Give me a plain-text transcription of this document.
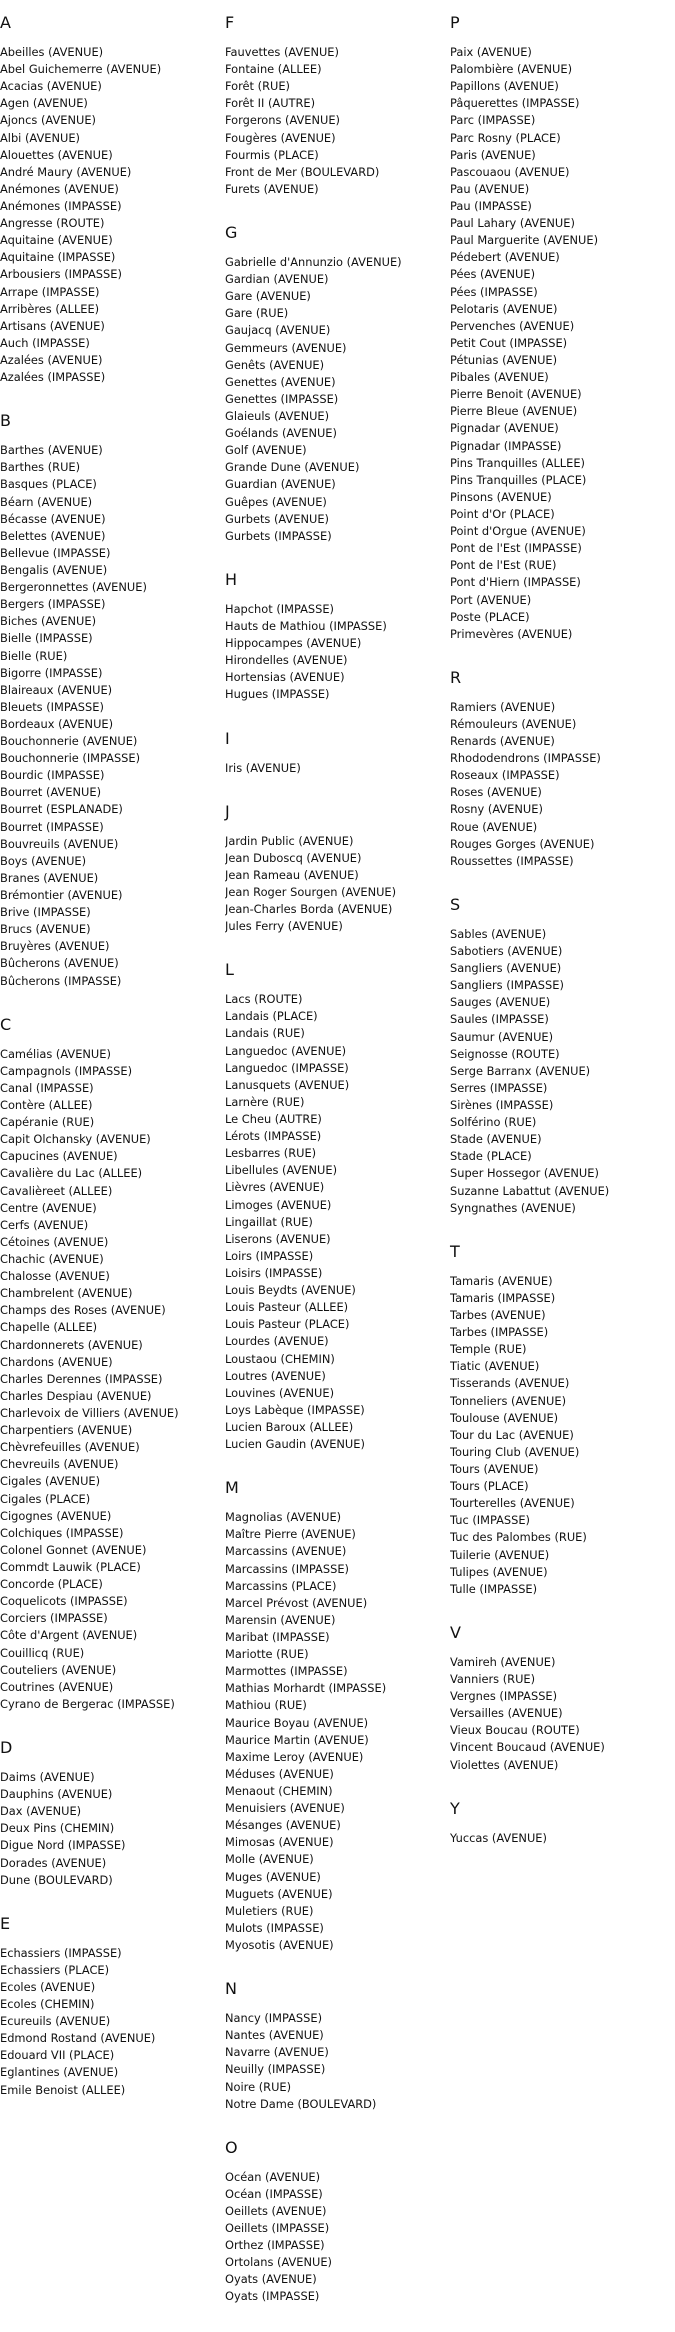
A
Abeilles (AVENUE)
Abel Guichemerre (AVENUE)
Acacias (AVENUE)
Agen (AVENUE)
Ajoncs (AVENUE)
Albi (AVENUE)
Alouettes (AVENUE)
André Maury (AVENUE)
Anémones (AVENUE)
Anémones (IMPASSE)
Angresse (ROUTE)
Aquitaine (AVENUE)
Aquitaine (IMPASSE)
Arbousiers (IMPASSE)
Arrape (IMPASSE)
Arribères (ALLEE)
Artisans (AVENUE)
Auch (IMPASSE)
Azalées (AVENUE)
Azalées (IMPASSE)
B
Barthes (AVENUE)
Barthes (RUE)
Basques (PLACE)
Béarn (AVENUE)
Bécasse (AVENUE)
Belettes (AVENUE)
Bellevue (IMPASSE)
Bengalis (AVENUE)
Bergeronnettes (AVENUE)
Bergers (IMPASSE)
Biches (AVENUE)
Bielle (IMPASSE)
Bielle (RUE)
Bigorre (IMPASSE)
Blaireaux (AVENUE)
Bleuets (IMPASSE)
Bordeaux (AVENUE)
Bouchonnerie (AVENUE)
Bouchonnerie (IMPASSE)
Bourdic (IMPASSE)
Bourret (AVENUE)
Bourret (ESPLANADE)
Bourret (IMPASSE)
Bouvreuils (AVENUE)
Boys (AVENUE)
Branes (AVENUE)
Brémontier (AVENUE)
Brive (IMPASSE)
Brucs (AVENUE)
Bruyères (AVENUE)
Bûcherons (AVENUE)
Bûcherons (IMPASSE)
C
Camélias (AVENUE)
Campagnols (IMPASSE)
Canal (IMPASSE)
Contère (ALLEE)
Capéranie (RUE)
Capit Olchansky (AVENUE)
Capucines (AVENUE)
Cavalière du Lac (ALLEE)
Cavalièreet (ALLEE)
Centre (AVENUE)
Cerfs (AVENUE)
Cétoines (AVENUE)
Chachic (AVENUE)
Chalosse (AVENUE)
Chambrelent (AVENUE)
Champs des Roses (AVENUE)
Chapelle (ALLEE)
Chardonnerets (AVENUE)
Chardons (AVENUE)
Charles Derennes (IMPASSE)
Charles Despiau (AVENUE)
Charlevoix de Villiers (AVENUE)
Charpentiers (AVENUE)
Chèvrefeuilles (AVENUE)
Chevreuils (AVENUE)
Cigales (AVENUE)
Cigales (PLACE)
Cigognes (AVENUE)
Colchiques (IMPASSE)
Colonel Gonnet (AVENUE)
Commdt Lauwik (PLACE)
Concorde (PLACE)
Coquelicots (IMPASSE)
Corciers (IMPASSE)
Côte d'Argent (AVENUE)
Couillicq (RUE)
Couteliers (AVENUE)
Coutrines (AVENUE)
Cyrano de Bergerac (IMPASSE)
D
Daims (AVENUE)
Dauphins (AVENUE)
Dax (AVENUE)
Deux Pins (CHEMIN)
Digue Nord (IMPASSE)
Dorades (AVENUE)
Dune (BOULEVARD)
E
Echassiers (IMPASSE)
Echassiers (PLACE)
Ecoles (AVENUE)
Ecoles (CHEMIN)
Ecureuils (AVENUE)
Edmond Rostand (AVENUE)
Edouard VII (PLACE)
Eglantines (AVENUE)
Emile Benoist (ALLEE)
F
Fauvettes (AVENUE)
Fontaine (ALLEE)
Forêt (RUE)
Forêt II (AUTRE)
Forgerons (AVENUE)
Fougères (AVENUE)
Fourmis (PLACE)
Front de Mer (BOULEVARD)
Furets (AVENUE)
G
Gabrielle d'Annunzio (AVENUE)
Gardian (AVENUE)
Gare (AVENUE)
Gare (RUE)
Gaujacq (AVENUE)
Gemmeurs (AVENUE)
Genêts (AVENUE)
Genettes (AVENUE)
Genettes (IMPASSE)
Glaieuls (AVENUE)
Goélands (AVENUE)
Golf (AVENUE)
Grande Dune (AVENUE)
Guardian (AVENUE)
Guêpes (AVENUE)
Gurbets (AVENUE)
Gurbets (IMPASSE)
H
Hapchot (IMPASSE)
Hauts de Mathiou (IMPASSE)
Hippocampes (AVENUE)
Hirondelles (AVENUE)
Hortensias (AVENUE)
Hugues (IMPASSE)
I
Iris (AVENUE)
J
Jardin Public (AVENUE)
Jean Duboscq (AVENUE)
Jean Rameau (AVENUE)
Jean Roger Sourgen (AVENUE)
Jean-Charles Borda (AVENUE)
Jules Ferry (AVENUE)
L
Lacs (ROUTE)
Landais (PLACE)
Landais (RUE)
Languedoc (AVENUE)
Languedoc (IMPASSE)
Lanusquets (AVENUE)
Larnère (RUE)
Le Cheu (AUTRE)
Lérots (IMPASSE)
Lesbarres (RUE)
Libellules (AVENUE)
Lièvres (AVENUE)
Limoges (AVENUE)
Lingaillat (RUE)
Liserons (AVENUE)
Loirs (IMPASSE)
Loisirs (IMPASSE)
Louis Beydts (AVENUE)
Louis Pasteur (ALLEE)
Louis Pasteur (PLACE)
Lourdes (AVENUE)
Loustaou (CHEMIN)
Loutres (AVENUE)
Louvines (AVENUE)
Loys Labèque (IMPASSE)
Lucien Baroux (ALLEE)
Lucien Gaudin (AVENUE)
M
Magnolias (AVENUE)
Maître Pierre (AVENUE)
Marcassins (AVENUE)
Marcassins (IMPASSE)
Marcassins (PLACE)
Marcel Prévost (AVENUE)
Marensin (AVENUE)
Maribat (IMPASSE)
Mariotte (RUE)
Marmottes (IMPASSE)
Mathias Morhardt (IMPASSE)
Mathiou (RUE)
Maurice Boyau (AVENUE)
Maurice Martin (AVENUE)
Maxime Leroy (AVENUE)
Méduses (AVENUE)
Menaout (CHEMIN)
Menuisiers (AVENUE)
Mésanges (AVENUE)
Mimosas (AVENUE)
Molle (AVENUE)
Muges (AVENUE)
Muguets (AVENUE)
Muletiers (RUE)
Mulots (IMPASSE)
Myosotis (AVENUE)
N
Nancy (IMPASSE)
Nantes (AVENUE)
Navarre (AVENUE)
Neuilly (IMPASSE)
Noire (RUE)
Notre Dame (BOULEVARD)
O
Océan (AVENUE)
Océan (IMPASSE)
Oeillets (AVENUE)
Oeillets (IMPASSE)
Orthez (IMPASSE)
Ortolans (AVENUE)
Oyats (AVENUE)
Oyats (IMPASSE)
P
Paix (AVENUE)
Palombière (AVENUE)
Papillons (AVENUE)
Pâquerettes (IMPASSE)
Parc (IMPASSE)
Parc Rosny (PLACE)
Paris (AVENUE)
Pascouaou (AVENUE)
Pau (AVENUE)
Pau (IMPASSE)
Paul Lahary (AVENUE)
Paul Marguerite (AVENUE)
Pédebert (AVENUE)
Pées (AVENUE)
Pées (IMPASSE)
Pelotaris (AVENUE)
Pervenches (AVENUE)
Petit Cout (IMPASSE)
Pétunias (AVENUE)
Pibales (AVENUE)
Pierre Benoit (AVENUE)
Pierre Bleue (AVENUE)
Pignadar (AVENUE)
Pignadar (IMPASSE)
Pins Tranquilles (ALLEE)
Pins Tranquilles (PLACE)
Pinsons (AVENUE)
Point d'Or (PLACE)
Point d'Orgue (AVENUE)
Pont de l'Est (IMPASSE)
Pont de l'Est (RUE)
Pont d'Hiern (IMPASSE)
Port (AVENUE)
Poste (PLACE)
Primevères (AVENUE)
R
Ramiers (AVENUE)
Rémouleurs (AVENUE)
Renards (AVENUE)
Rhododendrons (IMPASSE)
Roseaux (IMPASSE)
Roses (AVENUE)
Rosny (AVENUE)
Roue (AVENUE)
Rouges Gorges (AVENUE)
Roussettes (IMPASSE)
S
Sables (AVENUE)
Sabotiers (AVENUE)
Sangliers (AVENUE)
Sangliers (IMPASSE)
Sauges (AVENUE)
Saules (IMPASSE)
Saumur (AVENUE)
Seignosse (ROUTE)
Serge Barranx (AVENUE)
Serres (IMPASSE)
Sirènes (IMPASSE)
Solférino (RUE)
Stade (AVENUE)
Stade (PLACE)
Super Hossegor (AVENUE)
Suzanne Labattut (AVENUE)
Syngnathes (AVENUE)
T
Tamaris (AVENUE)
Tamaris (IMPASSE)
Tarbes (AVENUE)
Tarbes (IMPASSE)
Temple (RUE)
Tiatic (AVENUE)
Tisserands (AVENUE)
Tonneliers (AVENUE)
Toulouse (AVENUE)
Tour du Lac (AVENUE)
Touring Club (AVENUE)
Tours (AVENUE)
Tours (PLACE)
Tourterelles (AVENUE)
Tuc (IMPASSE)
Tuc des Palombes (RUE)
Tuilerie (AVENUE)
Tulipes (AVENUE)
Tulle (IMPASSE)
V
Vamireh (AVENUE)
Vanniers (RUE)
Vergnes (IMPASSE)
Versailles (AVENUE)
Vieux Boucau (ROUTE)
Vincent Boucaud (AVENUE)
Violettes (AVENUE)
Y
Yuccas (AVENUE)
